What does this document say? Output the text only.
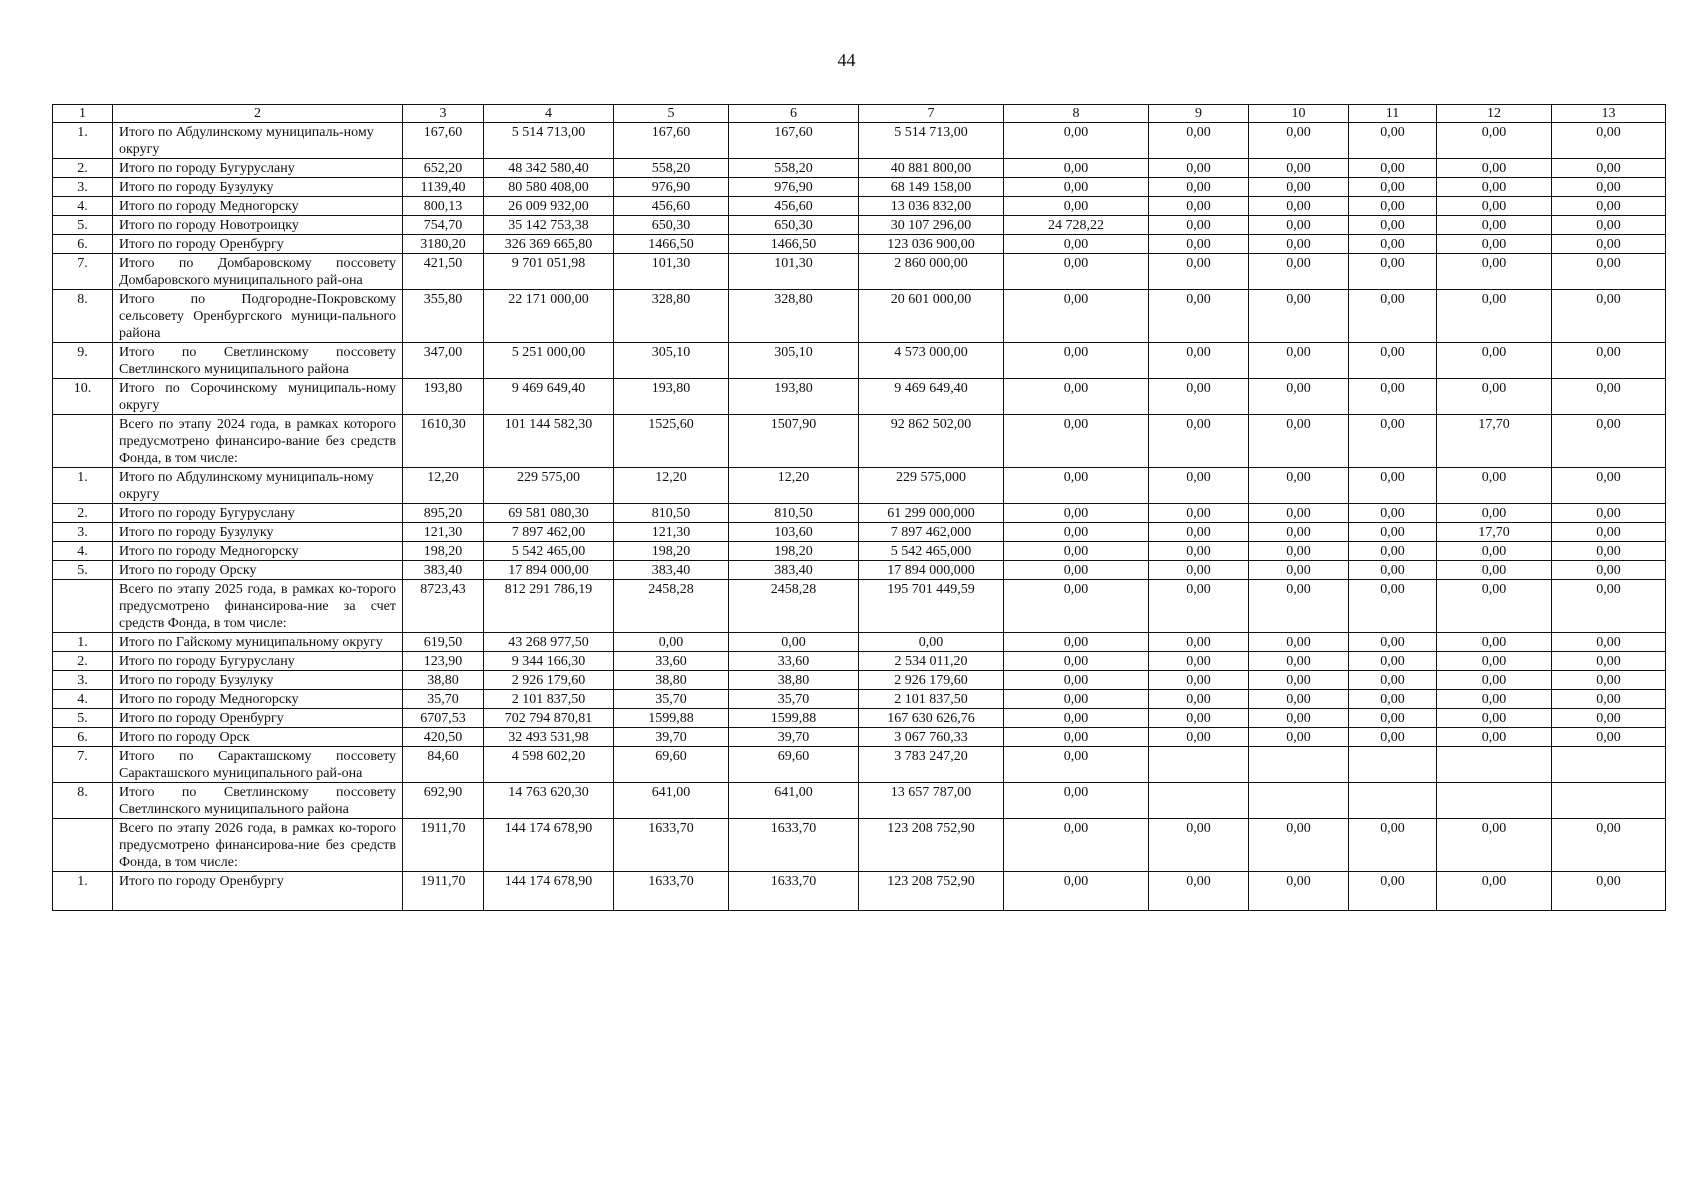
44
1	2	3	4	5	6	7	8	9	10	11	12	13
1.	Итого по Абдулинскому муниципаль-ному округу	167,60	5 514 713,00	167,60	167,60	5 514 713,00	0,00	0,00	0,00	0,00	0,00	0,00
2.	Итого по городу Бугуруслану	652,20	48 342 580,40	558,20	558,20	40 881 800,00	0,00	0,00	0,00	0,00	0,00	0,00
3.	Итого по городу Бузулуку	1139,40	80 580 408,00	976,90	976,90	68 149 158,00	0,00	0,00	0,00	0,00	0,00	0,00
4.	Итого по городу Медногорску	800,13	26 009 932,00	456,60	456,60	13 036 832,00	0,00	0,00	0,00	0,00	0,00	0,00
5.	Итого по городу Новотроицку	754,70	35 142 753,38	650,30	650,30	30 107 296,00	24 728,22	0,00	0,00	0,00	0,00	0,00
6.	Итого по городу Оренбургу	3180,20	326 369 665,80	1466,50	1466,50	123 036 900,00	0,00	0,00	0,00	0,00	0,00	0,00
7.	Итого по Домбаровскому поссовету Домбаровского муниципального рай-она	421,50	9 701 051,98	101,30	101,30	2 860 000,00	0,00	0,00	0,00	0,00	0,00	0,00
8.	Итого по Подгородне-Покровскому сельсовету Оренбургского муници-пального района	355,80	22 171 000,00	328,80	328,80	20 601 000,00	0,00	0,00	0,00	0,00	0,00	0,00
9.	Итого по Светлинскому поссовету Светлинского муниципального района	347,00	5 251 000,00	305,10	305,10	4 573 000,00	0,00	0,00	0,00	0,00	0,00	0,00
10.	Итого по Сорочинскому муниципаль-ному округу	193,80	9 469 649,40	193,80	193,80	9 469 649,40	0,00	0,00	0,00	0,00	0,00	0,00
	Всего по этапу 2024 года, в рамках которого предусмотрено финансиро-вание без средств Фонда, в том числе:	1610,30	101 144 582,30	1525,60	1507,90	92 862 502,00	0,00	0,00	0,00	0,00	17,70	0,00
1.	Итого по Абдулинскому муниципаль-ному округу	12,20	229 575,00	12,20	12,20	229 575,000	0,00	0,00	0,00	0,00	0,00	0,00
2.	Итого по городу Бугуруслану	895,20	69 581 080,30	810,50	810,50	61 299 000,000	0,00	0,00	0,00	0,00	0,00	0,00
3.	Итого по городу Бузулуку	121,30	7 897 462,00	121,30	103,60	7 897 462,000	0,00	0,00	0,00	0,00	17,70	0,00
4.	Итого по городу Медногорску	198,20	5 542 465,00	198,20	198,20	5 542 465,000	0,00	0,00	0,00	0,00	0,00	0,00
5.	Итого по городу Орску	383,40	17 894 000,00	383,40	383,40	17 894 000,000	0,00	0,00	0,00	0,00	0,00	0,00
	Всего по этапу 2025 года, в рамках ко-торого предусмотрено финансирова-ние за счет средств Фонда, в том числе:	8723,43	812 291 786,19	2458,28	2458,28	195 701 449,59	0,00	0,00	0,00	0,00	0,00	0,00
1.	Итого по Гайскому муниципальному округу	619,50	43 268 977,50	0,00	0,00	0,00	0,00	0,00	0,00	0,00	0,00	0,00
2.	Итого по городу Бугуруслану	123,90	9 344 166,30	33,60	33,60	2 534 011,20	0,00	0,00	0,00	0,00	0,00	0,00
3.	Итого по городу Бузулуку	38,80	2 926 179,60	38,80	38,80	2 926 179,60	0,00	0,00	0,00	0,00	0,00	0,00
4.	Итого по городу Медногорску	35,70	2 101 837,50	35,70	35,70	2 101 837,50	0,00	0,00	0,00	0,00	0,00	0,00
5.	Итого по городу Оренбургу	6707,53	702 794 870,81	1599,88	1599,88	167 630 626,76	0,00	0,00	0,00	0,00	0,00	0,00
6.	Итого по городу Орск	420,50	32 493 531,98	39,70	39,70	3 067 760,33	0,00	0,00	0,00	0,00	0,00	0,00
7.	Итого по Саракташскому поссовету Саракташского муниципального рай-она	84,60	4 598 602,20	69,60	69,60	3 783 247,20	0,00					
8.	Итого по Светлинскому поссовету Светлинского муниципального района	692,90	14 763 620,30	641,00	641,00	13 657 787,00	0,00					
	Всего по этапу 2026 года, в рамках ко-торого предусмотрено финансирова-ние без средств Фонда, в том числе:	1911,70	144 174 678,90	1633,70	1633,70	123 208 752,90	0,00	0,00	0,00	0,00	0,00	0,00
1.	Итого по городу Оренбургу	1911,70	144 174 678,90	1633,70	1633,70	123 208 752,90	0,00	0,00	0,00	0,00	0,00	0,00
